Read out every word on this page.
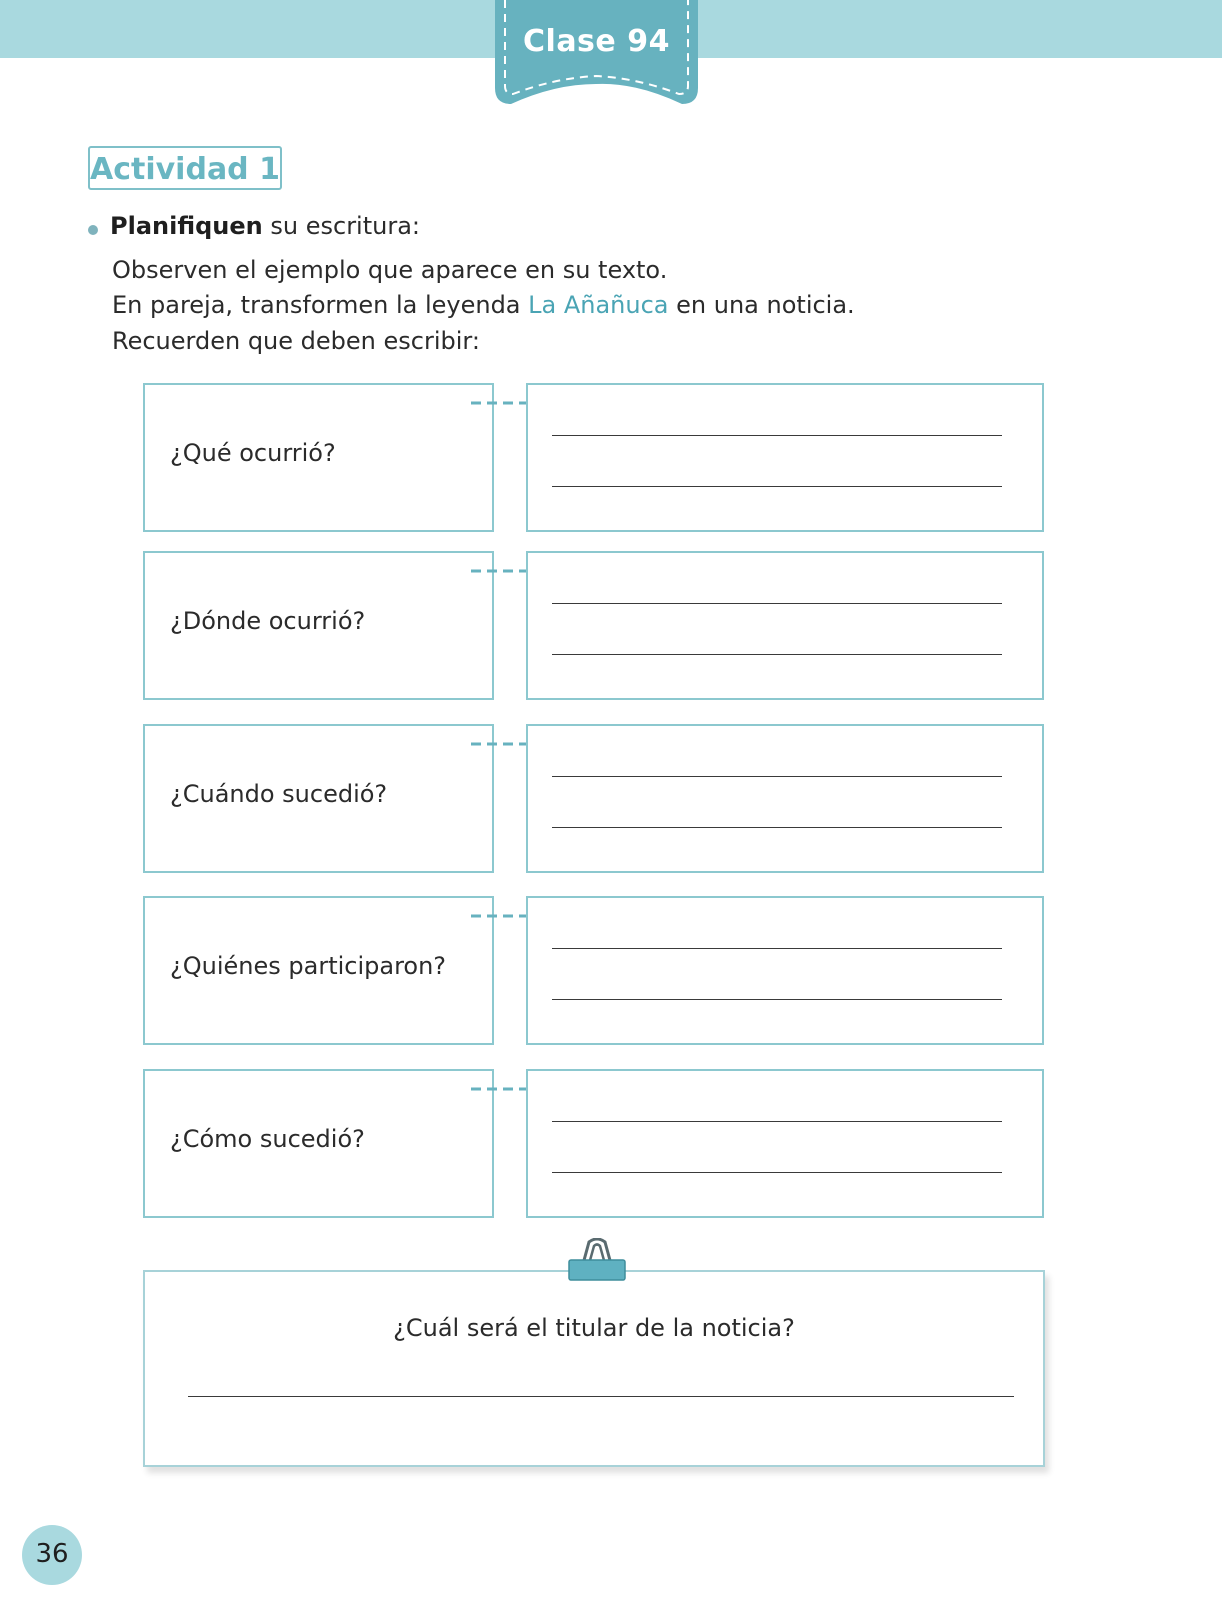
Clase 94
Actividad 1
Planifiquen su escritura:
Observen el ejemplo que aparece en su texto.
En pareja, transformen la leyenda La Añañuca en una noticia.
Recuerden que deben escribir:
¿Qué ocurrió?
¿Dónde ocurrió?
¿Cuándo sucedió?
¿Quiénes participaron?
¿Cómo sucedió?
¿Cuál será el titular de la noticia?
36
